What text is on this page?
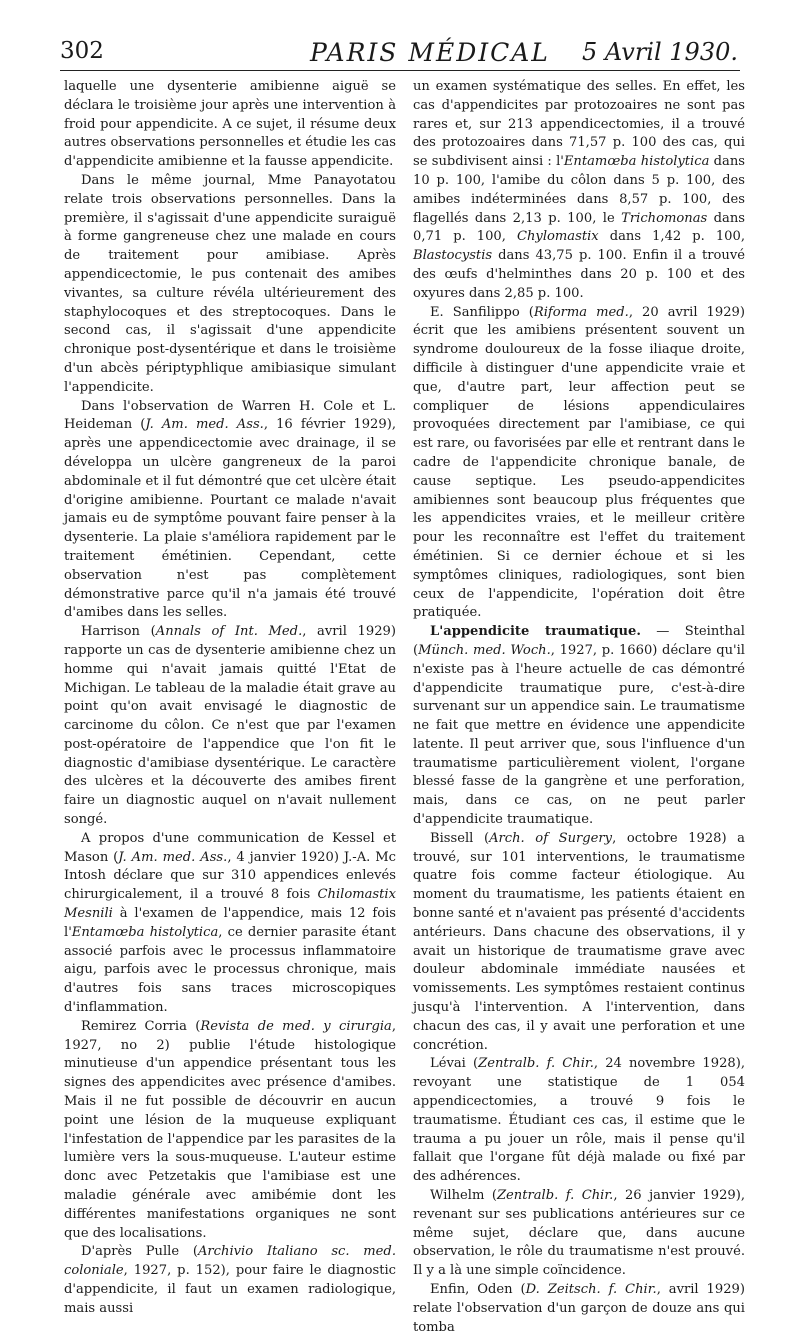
302	PARIS MÉDICAL 5 Avril 1930.

laquelle une dysenterie amibienne aiguë se déclara le troisième jour après une intervention à froid pour appendicite. A ce sujet, il résume deux autres observations personnelles et étudie les cas d'appendicite amibienne et la fausse appendicite.

Dans le même journal, Mme Panayotatou relate trois observations personnelles. Dans la première, il s'agissait d'une appendicite suraiguë à forme gangreneuse chez une malade en cours de traitement pour amibiase. Après appendicectomie, le pus contenait des amibes vivantes, sa culture révéla ultérieurement des staphylocoques et des streptocoques. Dans le second cas, il s'agissait d'une appendicite chronique post-dysentérique et dans le troisième d'un abcès périptyphlique amibiasique simulant l'appendicite.

Dans l'observation de Warren H. Cole et L. Heideman (J. Am. med. Ass., 16 février 1929), après une appendicectomie avec drainage, il se développa un ulcère gangreneux de la paroi abdominale et il fut démontré que cet ulcère était d'origine amibienne. Pourtant ce malade n'avait jamais eu de symptôme pouvant faire penser à la dysenterie. La plaie s'améliora rapidement par le traitement émétinien. Cependant, cette observation n'est pas complètement démonstrative parce qu'il n'a jamais été trouvé d'amibes dans les selles.

Harrison (Annals of Int. Med., avril 1929) rapporte un cas de dysenterie amibienne chez un homme qui n'avait jamais quitté l'Etat de Michigan. Le tableau de la maladie était grave au point qu'on avait envisagé le diagnostic de carcinome du côlon. Ce n'est que par l'examen post-opératoire de l'appendice que l'on fit le diagnostic d'amibiase dysentérique. Le caractère des ulcères et la découverte des amibes firent faire un diagnostic auquel on n'avait nullement songé.

A propos d'une communication de Kessel et Mason (J. Am. med. Ass., 4 janvier 1920) J.-A. Mc Intosh déclare que sur 310 appendices enlevés chirurgicalement, il a trouvé 8 fois Chilomastix Mesnili à l'examen de l'appendice, mais 12 fois l'Entamœba histolytica, ce dernier parasite étant associé parfois avec le processus inflammatoire aigu, parfois avec le processus chronique, mais d'autres fois sans traces microscopiques d'inflammation.

Remirez Corria (Revista de med. y cirurgia, 1927, no 2) publie l'étude histologique minutieuse d'un appendice présentant tous les signes des appendicites avec présence d'amibes. Mais il ne fut possible de découvrir en aucun point une lésion de la muqueuse expliquant l'infestation de l'appendice par les parasites de la lumière vers la sous-muqueuse. L'auteur estime donc avec Petzetakis que l'amibiase est une maladie générale avec amibémie dont les différentes manifestations organiques ne sont que des localisations.

D'après Pulle (Archivio Italiano sc. med. coloniale, 1927, p. 152), pour faire le diagnostic d'appendicite, il faut un examen radiologique, mais aussi

un examen systématique des selles. En effet, les cas d'appendicites par protozoaires ne sont pas rares et, sur 213 appendicectomies, il a trouvé des protozoaires dans 71,57 p. 100 des cas, qui se subdivisent ainsi : l'Entamœba histolytica dans 10 p. 100, l'amibe du côlon dans 5 p. 100, des amibes indéterminées dans 8,57 p. 100, des flagellés dans 2,13 p. 100, le Trichomonas dans 0,71 p. 100, Chylomastix dans 1,42 p. 100, Blastocystis dans 43,75 p. 100. Enfin il a trouvé des œufs d'helminthes dans 20 p. 100 et des oxyures dans 2,85 p. 100.

E. Sanfilippo (Riforma med., 20 avril 1929) écrit que les amibiens présentent souvent un syndrome douloureux de la fosse iliaque droite, difficile à distinguer d'une appendicite vraie et que, d'autre part, leur affection peut se compliquer de lésions appendiculaires provoquées directement par l'amibiase, ce qui est rare, ou favorisées par elle et rentrant dans le cadre de l'appendicite chronique banale, de cause septique. Les pseudo-appendicites amibiennes sont beaucoup plus fréquentes que les appendicites vraies, et le meilleur critère pour les reconnaître est l'effet du traitement émétinien. Si ce dernier échoue et si les symptômes cliniques, radiologiques, sont bien ceux de l'appendicite, l'opération doit être pratiquée.

L'appendicite traumatique. — Steinthal (Münch. med. Woch., 1927, p. 1660) déclare qu'il n'existe pas à l'heure actuelle de cas démontré d'appendicite traumatique pure, c'est-à-dire survenant sur un appendice sain. Le traumatisme ne fait que mettre en évidence une appendicite latente. Il peut arriver que, sous l'influence d'un traumatisme particulièrement violent, l'organe blessé fasse de la gangrène et une perforation, mais, dans ce cas, on ne peut parler d'appendicite traumatique.

Bissell (Arch. of Surgery, octobre 1928) a trouvé, sur 101 interventions, le traumatisme quatre fois comme facteur étiologique. Au moment du traumatisme, les patients étaient en bonne santé et n'avaient pas présenté d'accidents antérieurs. Dans chacune des observations, il y avait un historique de traumatisme grave avec douleur abdominale immédiate nausées et vomissements. Les symptômes restaient continus jusqu'à l'intervention. A l'intervention, dans chacun des cas, il y avait une perforation et une concrétion.

Lévai (Zentralb. f. Chir., 24 novembre 1928), revoyant une statistique de 1 054 appendicectomies, a trouvé 9 fois le traumatisme. Étudiant ces cas, il estime que le trauma a pu jouer un rôle, mais il pense qu'il fallait que l'organe fût déjà malade ou fixé par des adhérences.

Wilhelm (Zentralb. f. Chir., 26 janvier 1929), revenant sur ses publications antérieures sur ce même sujet, déclare que, dans aucune observation, le rôle du traumatisme n'est prouvé. Il y a là une simple coïncidence.

Enfin, Oden (D. Zeitsch. f. Chir., avril 1929) relate l'observation d'un garçon de douze ans qui tomba
